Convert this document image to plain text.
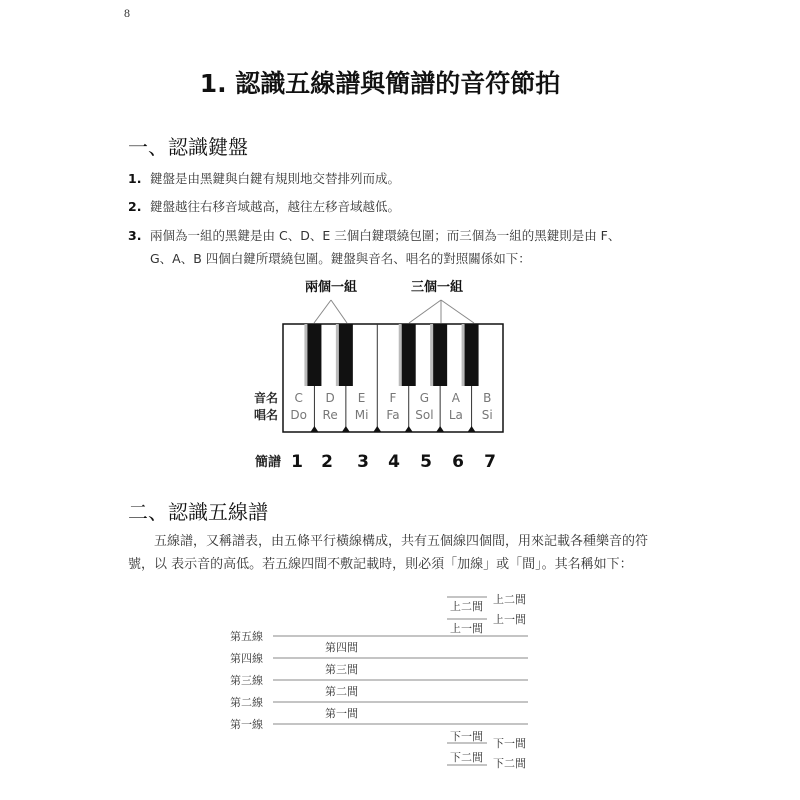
8
1. 認識五線譜與簡譜的音符節拍
一、認識鍵盤
1. 鍵盤是由黑鍵與白鍵有規則地交替排列而成。
2. 鍵盤越往右移音域越高，越往左移音域越低。
3. 兩個為一組的黑鍵是由 C、D、E 三個白鍵環繞包圍；而三個為一組的黑鍵則是由 F、
G、A、B 四個白鍵所環繞包圍。鍵盤與音名、唱名的對照關係如下：
兩個一組	三個一組
音名
唱名
簡譜
C
Do
1
D
Re
2
E
Mi
3
F
Fa
4
G
Sol
5
A
La
6
B
Si
7
二、認識五線譜
五線譜，又稱譜表，由五條平行橫線構成，共有五個線四個間，用來記載各種樂音的符號，以 表示音的高低。若五線四間不敷記載時，則必須「加線」或「間」。其名稱如下：
第五線
第四線
第三線
第二線
第一線
第四間
第三間
第二間
第一間
上二間
上一間
下一間
下二間
上二間
上一間
下一間
下二間
